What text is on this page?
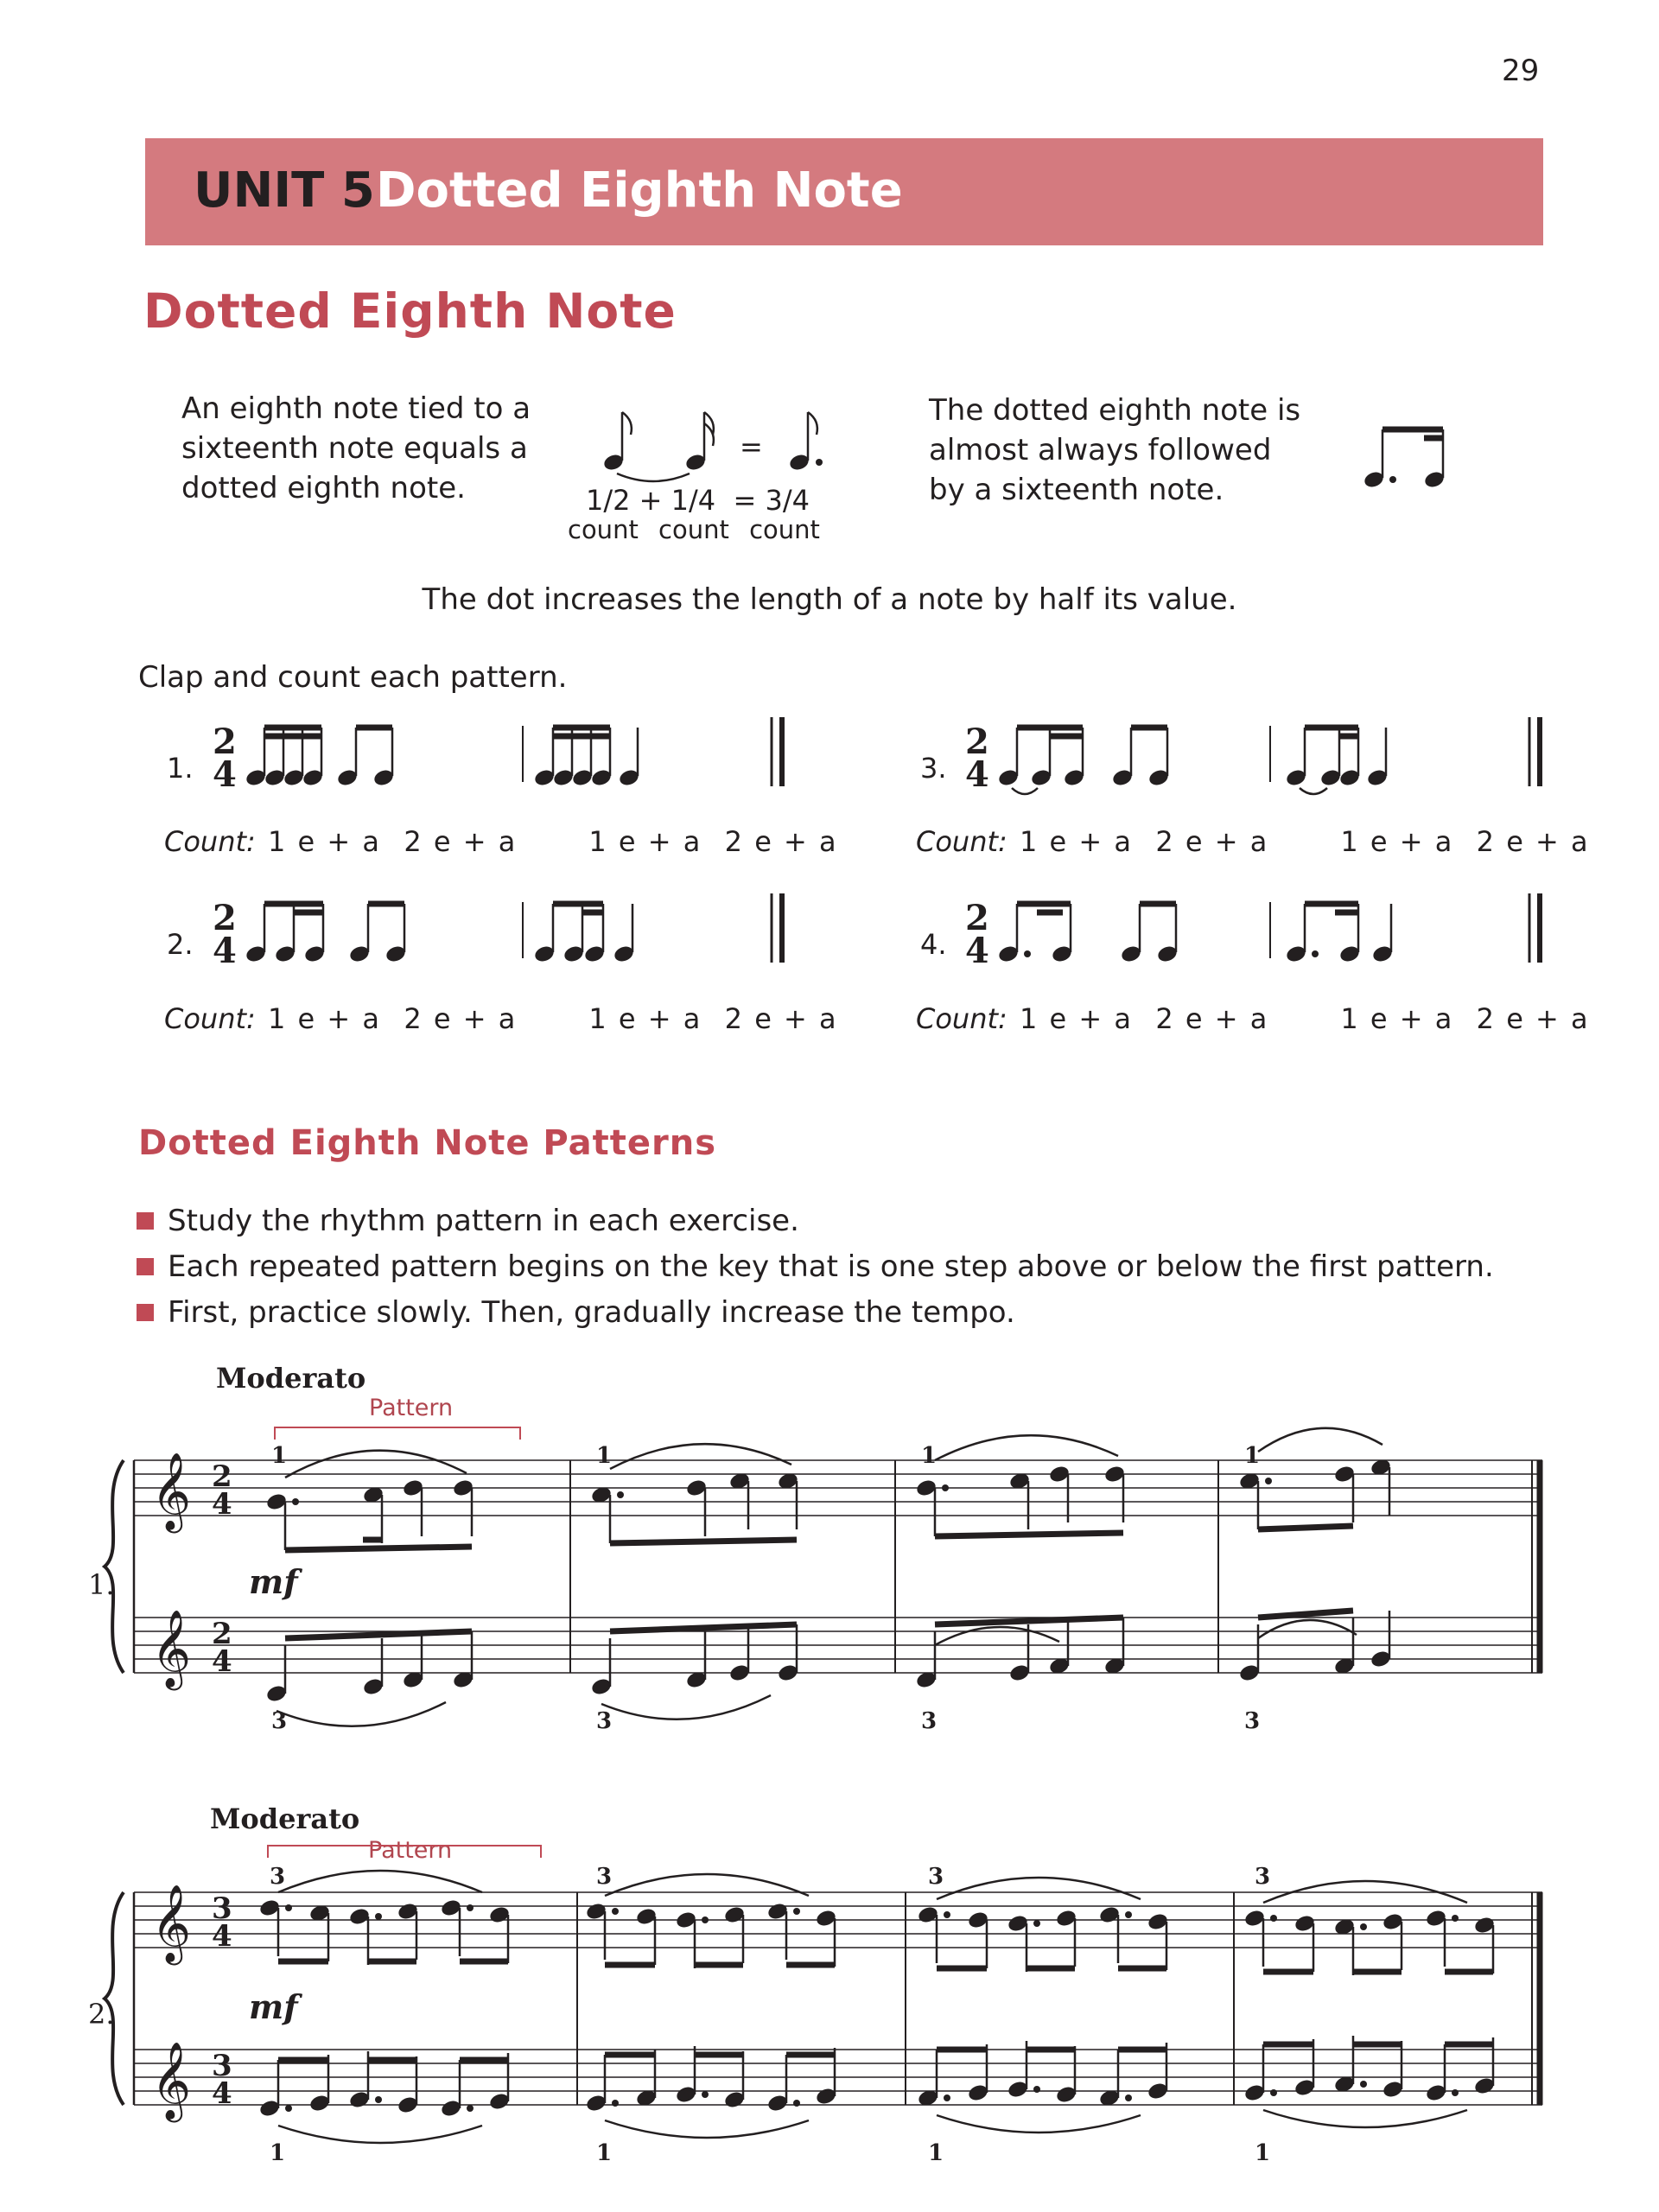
29
UNIT 5 Dotted Eighth Note
Dotted Eighth Note
An eighth note tied to a
sixteenth note equals a
dotted eighth note.	1/2 + 1/4  = 3/4
count count count
The dotted eighth note is
almost always followed
by a sixteenth note.
The dot increases the length of a note by half its value.
Clap and count each pattern.
1.
2.
3.
4.
Count: 1 e + a  2 e + a      1 e + a  2 e + a
Count: 1 e + a  2 e + a      1 e + a  2 e + a
Count: 1 e + a  2 e + a      1 e + a  2 e + a
Count: 1 e + a  2 e + a      1 e + a  2 e + a
Dotted Eighth Note Patterns
Study the rhythm pattern in each exercise.
Each repeated pattern begins on the key that is one step above or below the first pattern.
First, practice slowly. Then, gradually increase the tempo.
Moderato
Pattern
1.	mf
Moderato
Pattern
2.	mf
2
4
2
4
2
4
2
4
=
𝄞
𝄞
2
4
2
4
1
3
1
3
1
3
1
3
𝄞
𝄞
3
4
3
4
3
1
3
1
3
1
3
1
